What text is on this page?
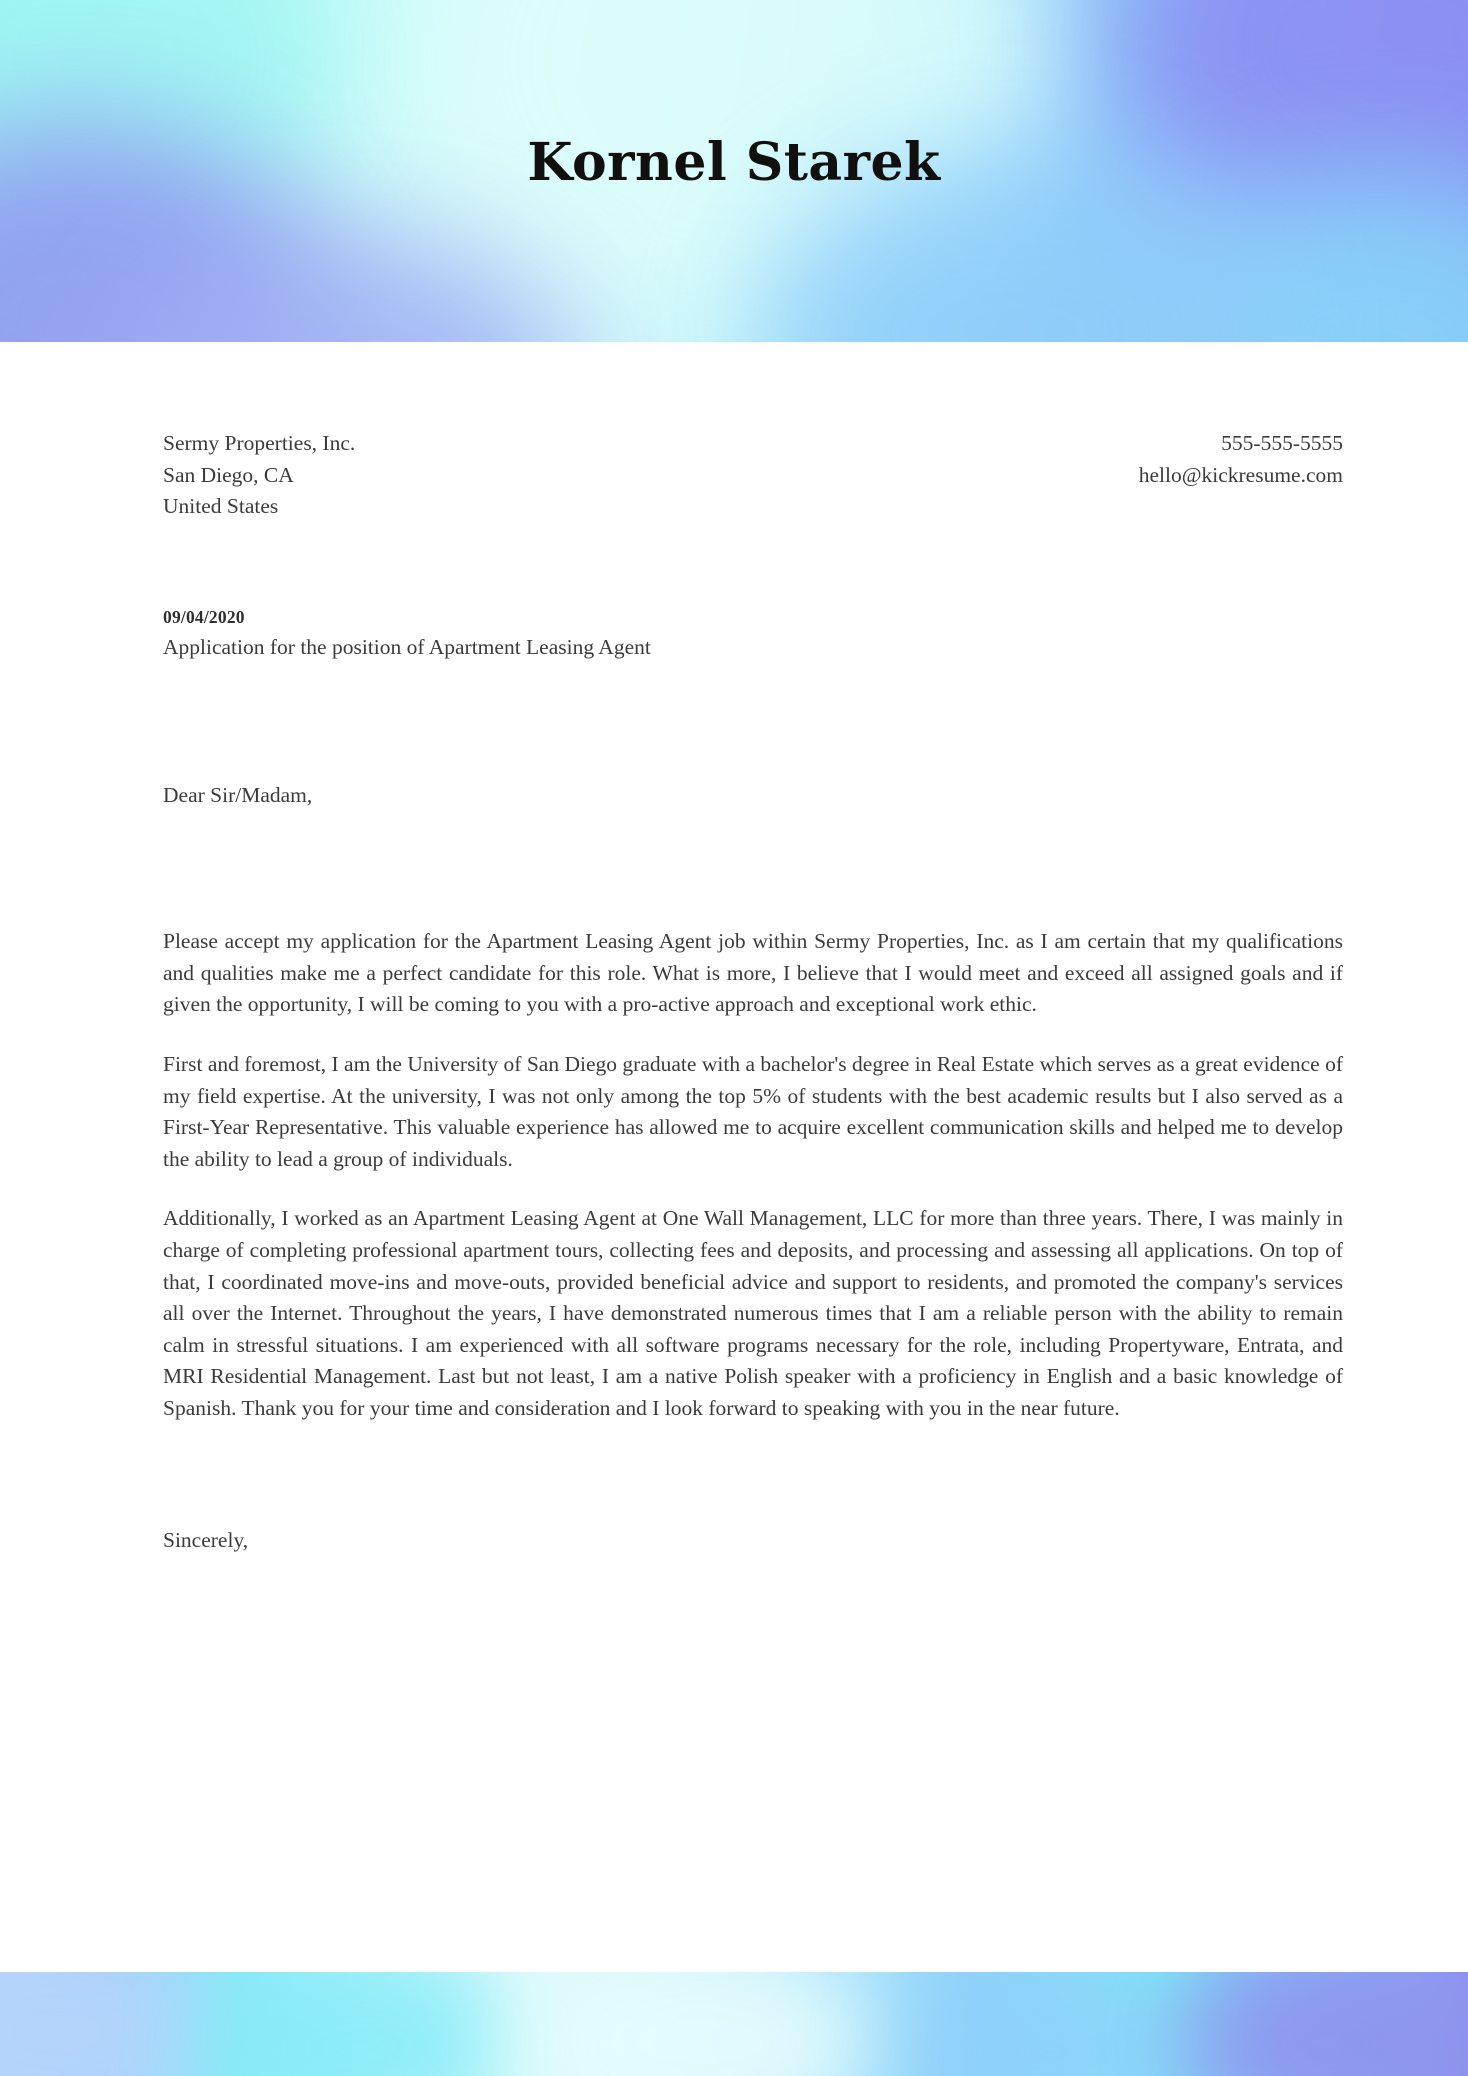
Kornel Starek
Sermy Properties, Inc.
San Diego, CA
United States
555-555-5555
hello@kickresume.com
09/04/2020
Application for the position of Apartment Leasing Agent
Dear Sir/Madam,

Please accept my application for the Apartment Leasing Agent job within Sermy Properties, Inc. as I am certain that my qualifications and qualities make me a perfect candidate for this role. What is more, I believe that I would meet and exceed all assigned goals and if given the opportunity, I will be coming to you with a pro-active approach and exceptional work ethic.

First and foremost, I am the University of San Diego graduate with a bachelor's degree in Real Estate which serves as a great evidence of my field expertise. At the university, I was not only among the top 5% of students with the best academic results but I also served as a First-Year Representative. This valuable experience has allowed me to acquire excellent communication skills and helped me to develop the ability to lead a group of individuals.

Additionally, I worked as an Apartment Leasing Agent at One Wall Management, LLC for more than three years. There, I was mainly in charge of completing professional apartment tours, collecting fees and deposits, and processing and assessing all applications. On top of that, I coordinated move-ins and move-outs, provided beneficial advice and support to residents, and promoted the company's services all over the Internet. Throughout the years, I have demonstrated numerous times that I am a reliable person with the ability to remain calm in stressful situations. I am experienced with all software programs necessary for the role, including Propertyware, Entrata, and MRI Residential Management. Last but not least, I am a native Polish speaker with a proficiency in English and a basic knowledge of Spanish. Thank you for your time and consideration and I look forward to speaking with you in the near future.

Sincerely,
